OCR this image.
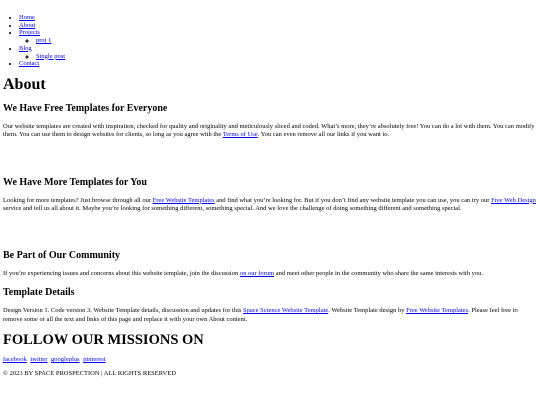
• Home
• About
• Projects
◦ proj 1
• Blog
◦ Single post
• Contact
About
We Have Free Templates for Everyone

Our website templates are created with inspiration, checked for quality and originality and meticulously sliced and coded. What’s more, they’re absolutely free! You can do a lot with them. You can modify them. You can use them to design websites for clients, so long as you agree with the Terms of Use. You can even remove all our links if you want to.

We Have More Templates for You

Looking for more templates? Just browse through all our Free Website Templates and find what you’re looking for. But if you don’t find any website template you can use, you can try our Free Web Design service and tell us all about it. Maybe you’re looking for something different, something special. And we love the challenge of doing something different and something special.

Be Part of Our Community

If you’re experiencing issues and concerns about this website template, join the discussion on our forum and meet other people in the community who share the same interests with you.

Template Details

Design Version 1. Code version 3. Website Template details, discussion and updates for this Space Science Website Template. Website Template design by Free Website Templates. Please feel free to remove some or all the text and links of this page and replace it with your own About content.

FOLLOW OUR MISSIONS ON

facebook twitter googleplus pinterest

© 2023 BY SPACE PROSPECTION | ALL RIGHTS RESERVED
